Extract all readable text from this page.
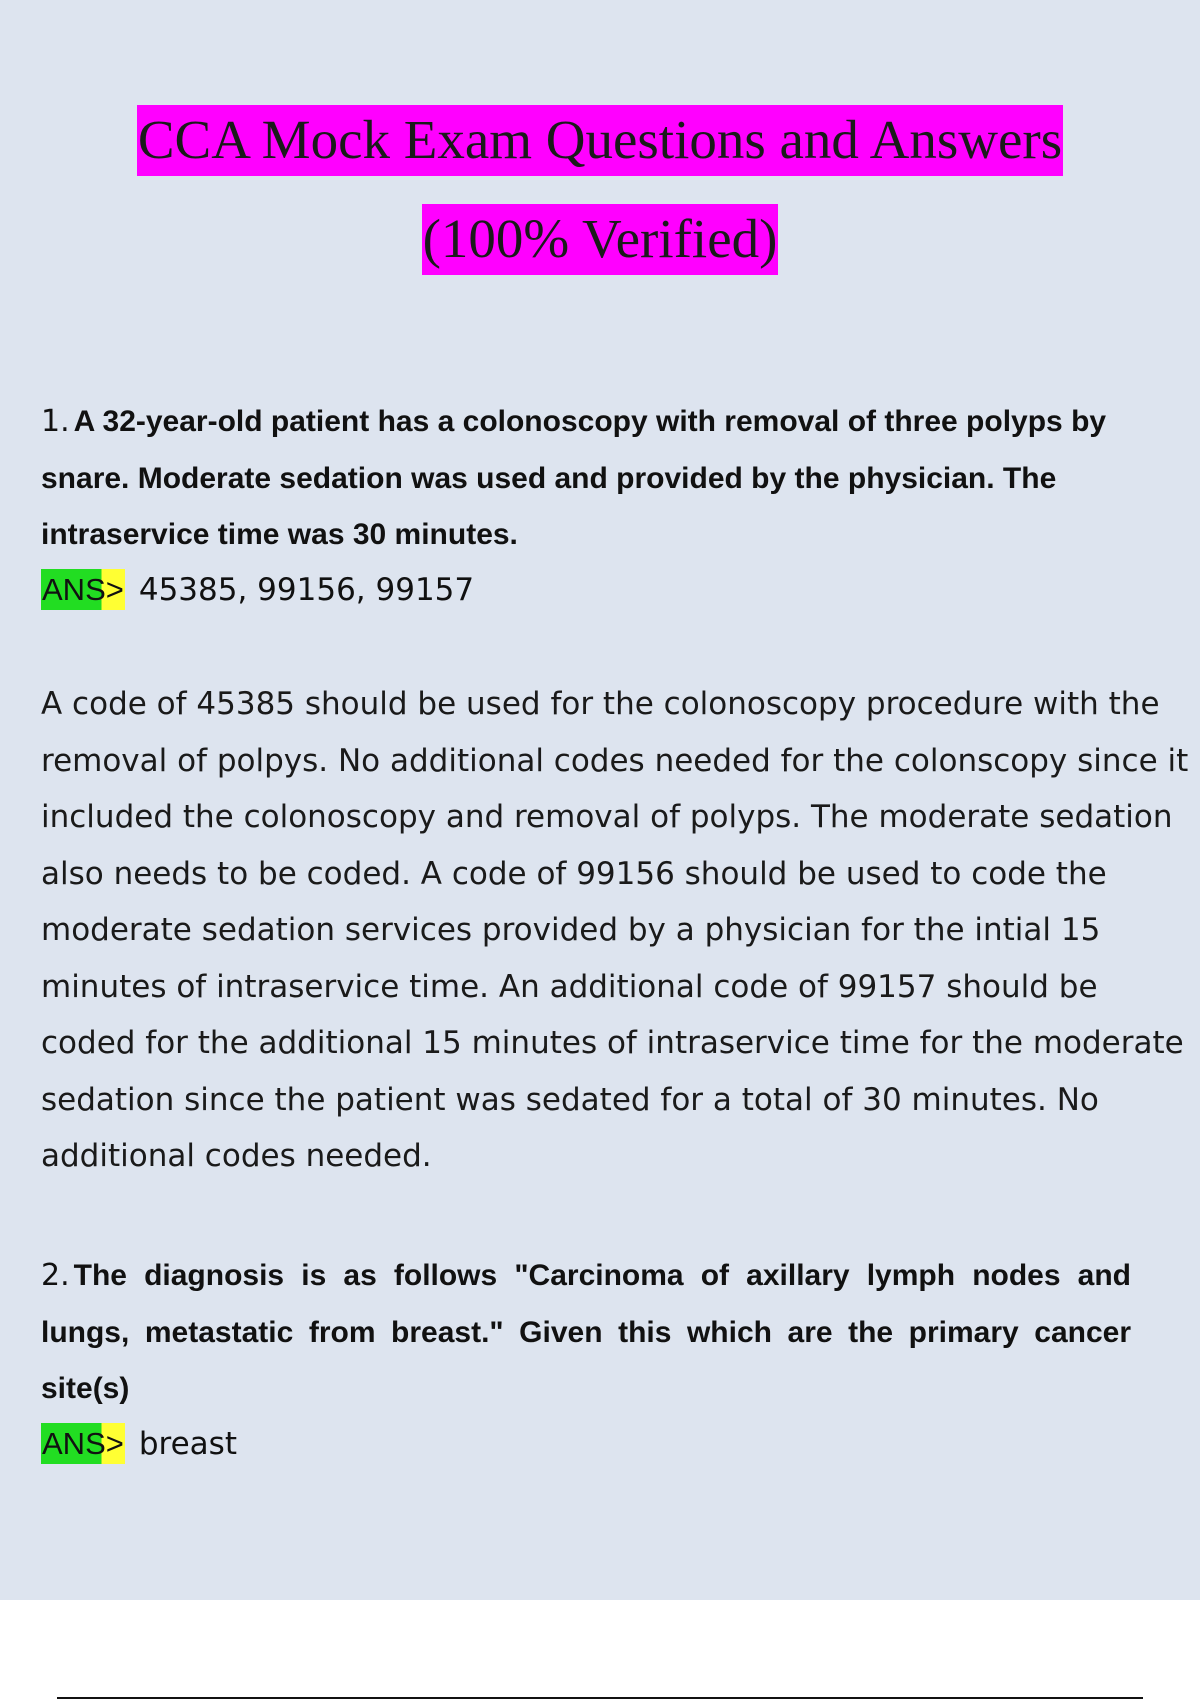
CCA Mock Exam Questions and Answers
(100% Verified)
1. A 32-year-old patient has a colonoscopy with removal of three polyps by snare. Moderate sedation was used and provided by the physician. The intraservice time was 30 minutes.
ANS> 45385, 99156, 99157
A code of 45385 should be used for the colonoscopy procedure with the removal of polpys. No additional codes needed for the colonscopy since it included the colonoscopy and removal of polyps. The moderate sedation also needs to be coded. A code of 99156 should be used to code the moderate sedation services provided by a physician for the intial 15 minutes of intraservice time. An additional code of 99157 should be coded for the additional 15 minutes of intraservice time for the moderate sedation since the patient was sedated for a total of 30 minutes. No additional codes needed.
2. The diagnosis is as follows "Carcinoma of axillary lymph nodes and lungs, metastatic from breast." Given this which are the primary cancer site(s)
ANS> breast
